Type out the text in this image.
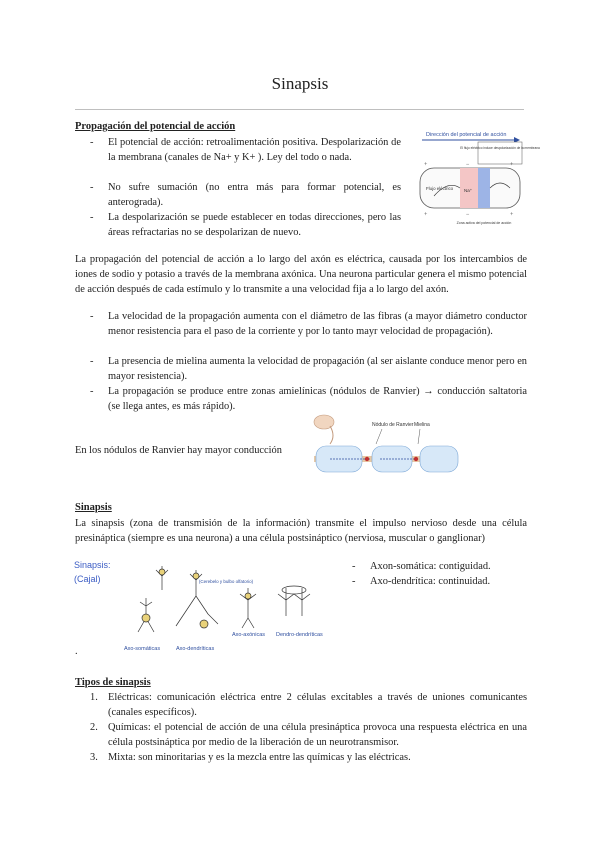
Sinapsis
Propagación del potencial de acción
- El potencial de acción: retroalimentación positiva. Despolarización de la membrana (canales de Na+ y K+ ). Ley del todo o nada.
- No sufre sumación (no entra más para formar potencial, es anterograda).
- La despolarización se puede establecer en todas direcciones, pero las áreas refractarias no se despolarizan de nuevo.
Dirección del potencial de acción
El flujo eléctrico induce despolarización de la membrana
Flujo eléctrico Na⁺
+	−	+
+	−	+
Zona activa del potencial de acción
La propagación del potencial de acción a lo largo del axón es eléctrica, causada por los intercambios de iones de sodio y potasio a través de la membrana axónica. Una neurona particular genera el mismo potencial de acción después de cada estímulo y lo transmite a una velocidad fija a lo largo del axón.
- La velocidad de la propagación aumenta con el diámetro de las fibras (a mayor diámetro conductor menor resistencia para el paso de la corriente y por lo tanto mayr velocidad de propagación).
- La presencia de mielina aumenta la velocidad de propagación (al ser aislante conduce menor pero en mayor resistencia).
- La propagación se produce entre zonas amielínicas (nódulos de Ranvier) → conducción saltatoria (se llega antes, es más rápido).
En los nódulos de Ranvier hay mayor conducción
Nódulo de Ranvier Mielina
Sinapsis
La sinapsis (zona de transmisión de la información) transmite el impulso nervioso desde una célula presináptica (siempre es una neurona) a una célula postsináptico (nerviosa, muscular o ganglionar)
Sinapsis:
(Cajal)	(Cerebelo y bulbo olfatorio)
Axo-somáticas	Axo-dendríticas
Axo-axónicas Dendro-dendríticas
- Axon-somática: contiguidad.
- Axo-dendrítica: continuidad.
.
Tipos de sinapsis
1. Eléctricas: comunicación eléctrica entre 2 células excitables a través de uniones comunicantes (canales específicos).
2. Químicas: el potencial de acción de una célula presináptica provoca una respuesta eléctrica en una célula postsináptica por medio de la liberación de un neurotransmisor.
3. Mixta: son minoritarias y es la mezcla entre las químicas y las eléctricas.
